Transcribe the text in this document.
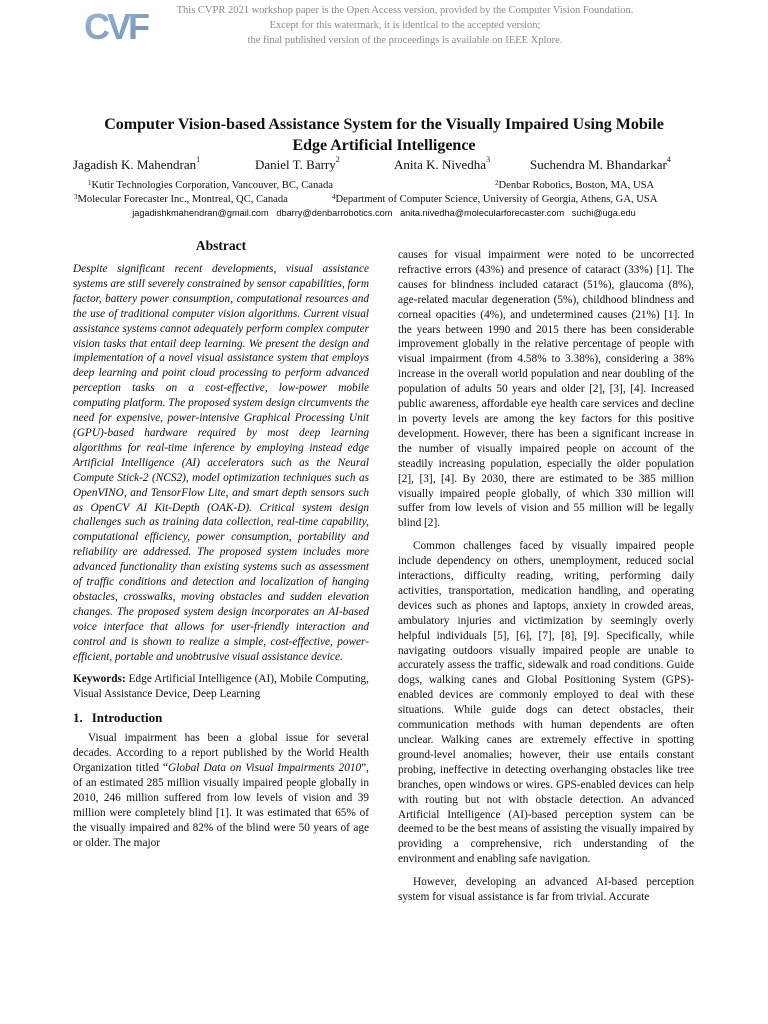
CVF	This CVPR 2021 workshop paper is the Open Access version, provided by the Computer Vision Foundation.
Except for this watermark, it is identical to the accepted version;
the final published version of the proceedings is available on IEEE Xplore.
Computer Vision-based Assistance System for the Visually Impaired Using Mobile
Edge Artificial Intelligence
Jagadish K. Mahendran$^1$	Daniel T. Barry$^2$	Anita K. Nivedha$^3$	Suchendra M. Bhandarkar$^4$
$^1$Kutir Technologies Corporation, Vancouver, BC, Canada	$^2$Denbar Robotics, Boston, MA, USA
$^3$Molecular Forecaster Inc., Montreal, QC, Canada	$^4$Department of Computer Science, University of Georgia, Athens, GA, USA
jagadishkmahendran@gmail.com   dbarry@denbarrobotics.com   anita.nivedha@molecularforecaster.com   suchi@uga.edu
Abstract

Despite significant recent developments, visual assistance systems are still severely constrained by sensor capabilities, form factor, battery power consumption, computational resources and the use of traditional computer vision algorithms. Current visual assistance systems cannot adequately perform complex computer vision tasks that entail deep learning. We present the design and implementation of a novel visual assistance system that employs deep learning and point cloud processing to perform advanced perception tasks on a cost-effective, low-power mobile computing platform. The proposed system design circumvents the need for expensive, power-intensive Graphical Processing Unit (GPU)-based hardware required by most deep learning algorithms for real-time inference by employing instead edge Artificial Intelligence (AI) accelerators such as the Neural Compute Stick-2 (NCS2), model optimization techniques such as OpenVINO, and TensorFlow Lite, and smart depth sensors such as OpenCV AI Kit-Depth (OAK-D). Critical system design challenges such as training data collection, real-time capability, computational efficiency, power consumption, portability and reliability are addressed. The proposed system includes more advanced functionality than existing systems such as assessment of traffic conditions and detection and localization of hanging obstacles, crosswalks, moving obstacles and sudden elevation changes. The proposed system design incorporates an AI-based voice interface that allows for user-friendly interaction and control and is shown to realize a simple, cost-effective, power-efficient, portable and unobtrusive visual assistance device.

Keywords: Edge Artificial Intelligence (AI), Mobile Computing, Visual Assistance Device, Deep Learning

1. Introduction

Visual impairment has been a global issue for several decades. According to a report published by the World Health Organization titled “Global Data on Visual Impairments 2010”, of an estimated 285 million visually impaired people globally in 2010, 246 million suffered from low levels of vision and 39 million were completely blind [1]. It was estimated that 65% of the visually impaired and 82% of the blind were 50 years of age or older. The major

causes for visual impairment were noted to be uncorrected refractive errors (43%) and presence of cataract (33%) [1]. The causes for blindness included cataract (51%), glaucoma (8%), age-related macular degeneration (5%), childhood blindness and corneal opacities (4%), and undetermined causes (21%) [1]. In the years between 1990 and 2015 there has been considerable improvement globally in the relative percentage of people with visual impairment (from 4.58% to 3.38%), considering a 38% increase in the overall world population and near doubling of the population of adults 50 years and older [2], [3], [4]. Increased public awareness, affordable eye health care services and decline in poverty levels are among the key factors for this positive development. However, there has been a significant increase in the number of visually impaired people on account of the steadily increasing population, especially the older population [2], [3], [4]. By 2030, there are estimated to be 385 million visually impaired people globally, of which 330 million will suffer from low levels of vision and 55 million will be legally blind [2].

Common challenges faced by visually impaired people include dependency on others, unemployment, reduced social interactions, difficulty reading, writing, performing daily activities, transportation, medication handling, and operating devices such as phones and laptops, anxiety in crowded areas, ambulatory injuries and victimization by seemingly overly helpful individuals [5], [6], [7], [8], [9]. Specifically, while navigating outdoors visually impaired people are unable to accurately assess the traffic, sidewalk and road conditions. Guide dogs, walking canes and Global Positioning System (GPS)-enabled devices are commonly employed to deal with these situations. While guide dogs can detect obstacles, their communication methods with human dependents are often unclear. Walking canes are extremely effective in spotting ground-level anomalies; however, their use entails constant probing, ineffective in detecting overhanging obstacles like tree branches, open windows or wires. GPS-enabled devices can help with routing but not with obstacle detection. An advanced Artificial Intelligence (AI)-based perception system can be deemed to be the best means of assisting the visually impaired by providing a comprehensive, rich understanding of the environment and enabling safe navigation.

However, developing an advanced AI-based perception system for visual assistance is far from trivial. Accurate
